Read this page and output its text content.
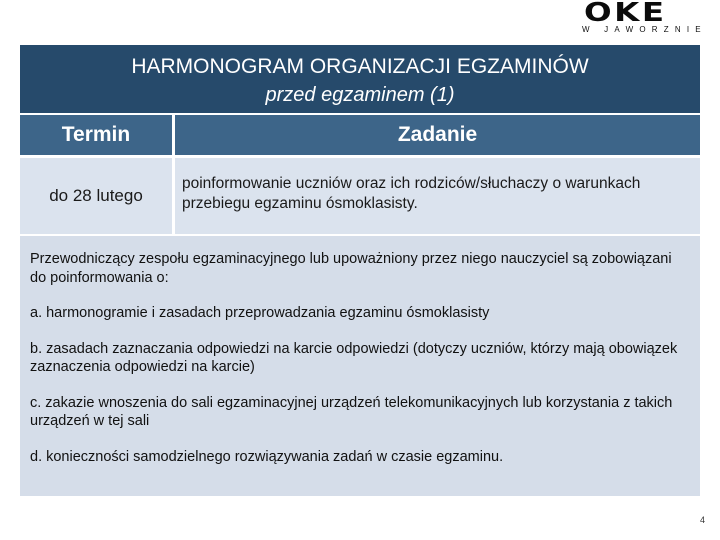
OKE
W JAWORZNIE
HARMONOGRAM ORGANIZACJI EGZAMINÓW
przed egzaminem (1)
Termin	Zadanie
do 28 lutego
poinformowanie uczniów oraz ich rodziców/słuchaczy o warunkach przebiegu egzaminu ósmoklasisty.

Przewodniczący zespołu egzaminacyjnego lub upoważniony przez niego nauczyciel są zobowiązani do poinformowania o:

a. harmonogramie i zasadach przeprowadzania egzaminu ósmoklasisty

b. zasadach zaznaczania odpowiedzi na karcie odpowiedzi (dotyczy uczniów, którzy mają obowiązek zaznaczenia odpowiedzi na karcie)

c. zakazie wnoszenia do sali egzaminacyjnej urządzeń telekomunikacyjnych lub korzystania z takich urządzeń w tej sali

d. konieczności samodzielnego rozwiązywania zadań w czasie egzaminu.

4
